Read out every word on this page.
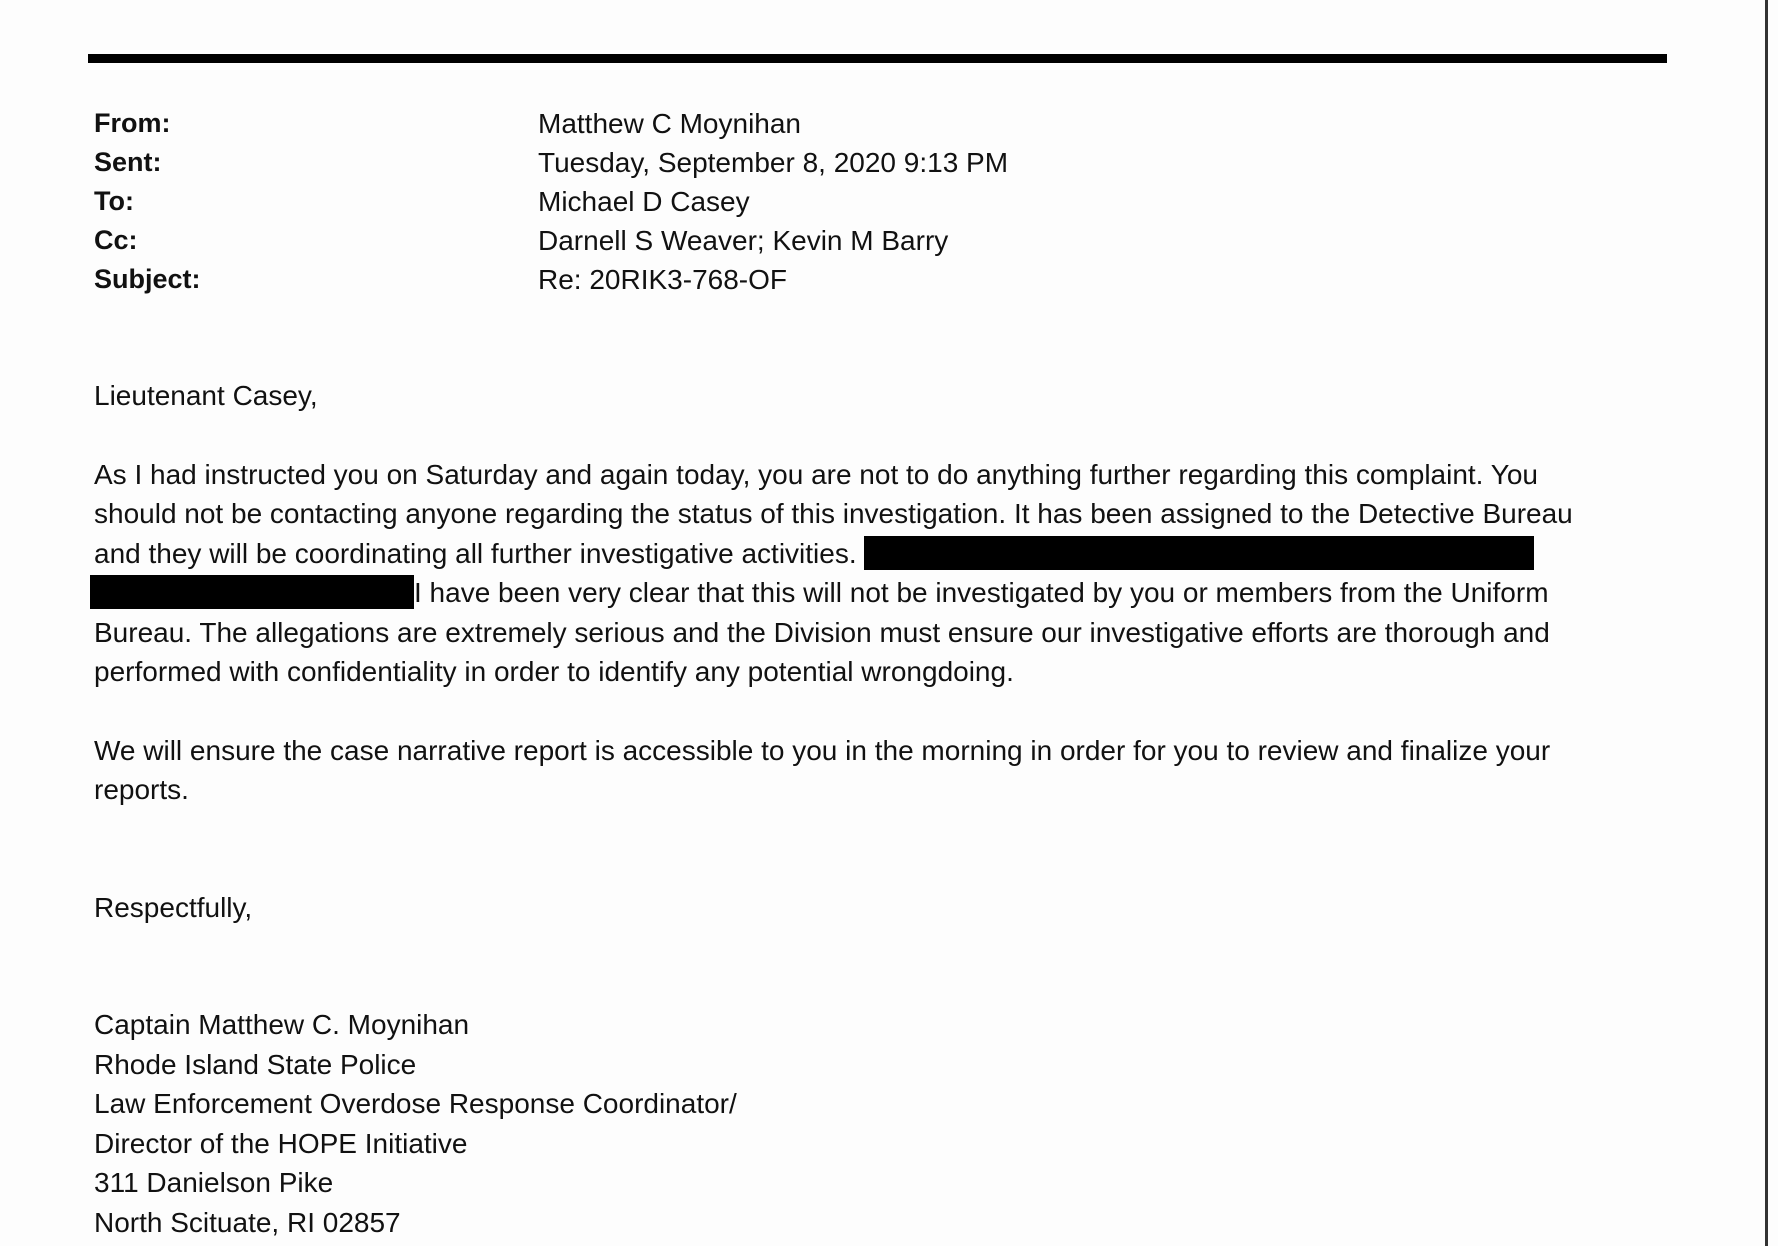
From:	Matthew C Moynihan
Sent:	Tuesday, September 8, 2020 9:13 PM
To:	Michael D Casey
Cc:	Darnell S Weaver; Kevin M Barry
Subject:	Re: 20RIK3-768-OF

Lieutenant Casey,

As I had instructed you on Saturday and again today, you are not to do anything further regarding this complaint. You
should not be contacting anyone regarding the status of this investigation. It has been assigned to the Detective Bureau
and they will be coordinating all further investigative activities.
I have been very clear that this will not be investigated by you or members from the Uniform
Bureau. The allegations are extremely serious and the Division must ensure our investigative efforts are thorough and
performed with confidentiality in order to identify any potential wrongdoing.
We will ensure the case narrative report is accessible to you in the morning in order for you to review and finalize your
reports.

Respectfully,

Captain Matthew C. Moynihan
Rhode Island State Police
Law Enforcement Overdose Response Coordinator/
Director of the HOPE Initiative
311 Danielson Pike
North Scituate, RI 02857
